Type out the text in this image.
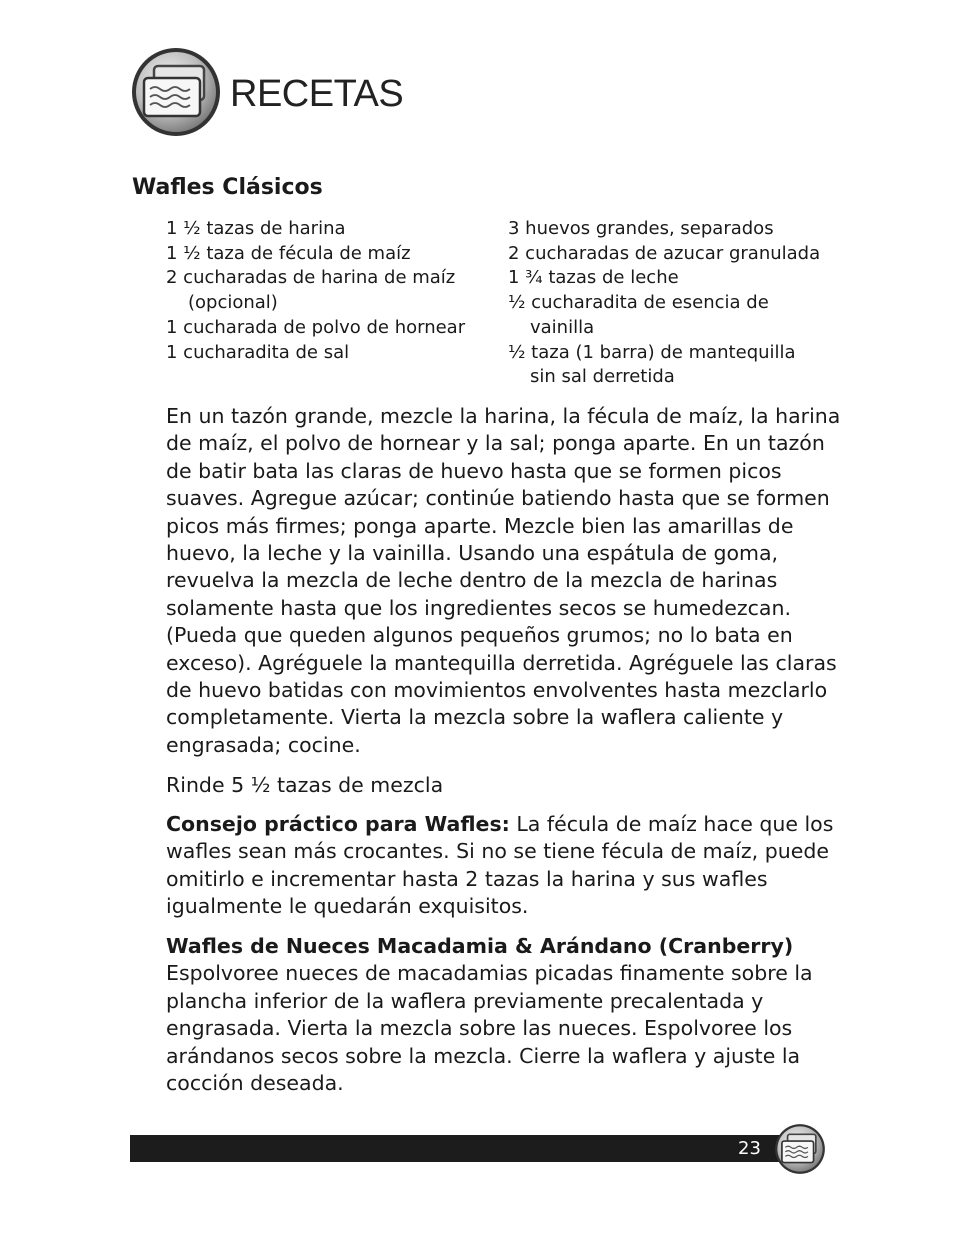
RECETAS
Wafles Clásicos
1 ½ tazas de harina
1 ½ taza de fécula de maíz
2 cucharadas de harina de maíz
(opcional)
1 cucharada de polvo de hornear
1 cucharadita de sal
3 huevos grandes, separados
2 cucharadas de azucar granulada
1 ¾ tazas de leche
½ cucharadita de esencia de
vainilla
½ taza (1 barra) de mantequilla
sin sal derretida

En un tazón grande, mezcle la harina, la fécula de maíz, la harina de maíz, el polvo de hornear y la sal; ponga aparte. En un tazón de batir bata las claras de huevo hasta que se formen picos suaves. Agregue azúcar; continúe batiendo hasta que se formen picos más firmes; ponga aparte. Mezcle bien las amarillas de huevo, la leche y la vainilla. Usando una espátula de goma, revuelva la mezcla de leche dentro de la mezcla de harinas solamente hasta que los ingredientes secos se humedezcan. (Pueda que queden algunos pequeños grumos; no lo bata en exceso). Agréguele la mantequilla derretida. Agréguele las claras de huevo batidas con movimientos envolventes hasta mezclarlo completamente. Vierta la mezcla sobre la waflera caliente y engrasada; cocine.

Rinde 5 ½ tazas de mezcla

Consejo práctico para Wafles: La fécula de maíz hace que los wafles sean más crocantes. Si no se tiene fécula de maíz, puede omitirlo e incrementar hasta 2 tazas la harina y sus wafles igualmente le quedarán exquisitos.

Wafles de Nueces Macadamia & Arándano (Cranberry)
Espolvoree nueces de macadamias picadas finamente sobre la plancha inferior de la waflera previamente precalentada y engrasada. Vierta la mezcla sobre las nueces. Espolvoree los arándanos secos sobre la mezcla. Cierre la waflera y ajuste la cocción deseada.
23
